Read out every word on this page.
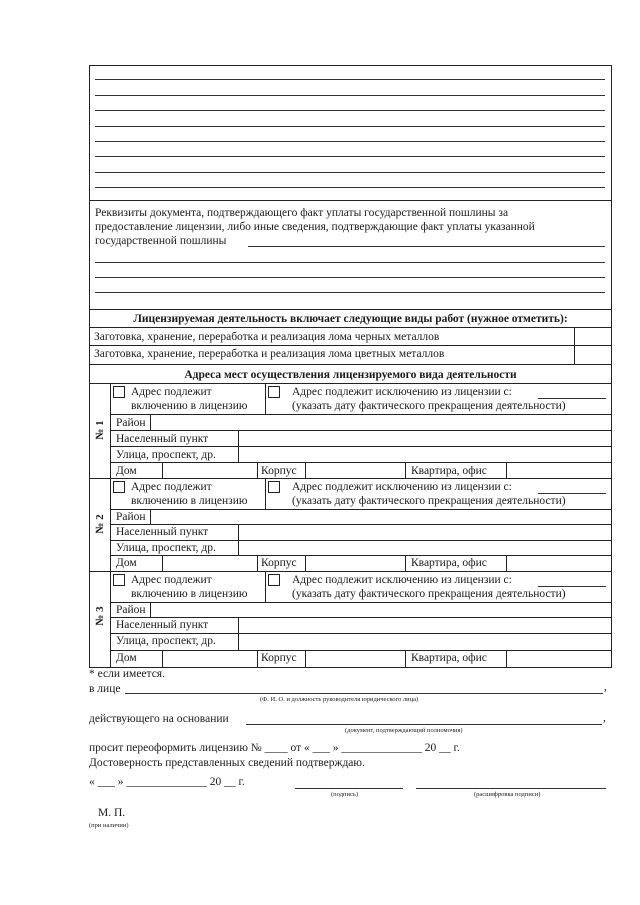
Реквизиты документа, подтверждающего факт уплаты государственной пошлины за
предоставление лицензии, либо иные сведения, подтверждающие факт уплаты указанной
государственной пошлины
Лицензируемая деятельность включает следующие виды работ (нужное отметить):
Заготовка, хранение, переработка и реализация лома черных металлов
Заготовка, хранение, переработка и реализация лома цветных металлов
Адреса мест осуществления лицензируемого вида деятельности
№ 1
Адрес подлежит
включению в лицензию
Адрес подлежит исключению из лицензии с:
(указать дату фактического прекращения деятельности)
Район
Населенный пункт
Улица, проспект, др.
Дом	Корпус	Квартира, офис
№ 2
Адрес подлежит
включению в лицензию
Адрес подлежит исключению из лицензии с:
(указать дату фактического прекращения деятельности)
Район
Населенный пункт
Улица, проспект, др.
Дом	Корпус	Квартира, офис
№ 3
Адрес подлежит
включению в лицензию
Адрес подлежит исключению из лицензии с:
(указать дату фактического прекращения деятельности)
Район
Населенный пункт
Улица, проспект, др.
Дом	Корпус	Квартира, офис
* если имеется.
в лице	,
(Ф. И. О. и должность руководителя юридического лица)
действующего на основании	,
(документ, подтверждающий полномочия)
просит переоформить лицензию № ____ от « ___ » ______________ 20 __ г.
Достоверность представленных сведений подтверждаю.
« ___ » ______________ 20 __ г.
(подпись)	(расшифровка подписи)
М. П.
(при наличии)
